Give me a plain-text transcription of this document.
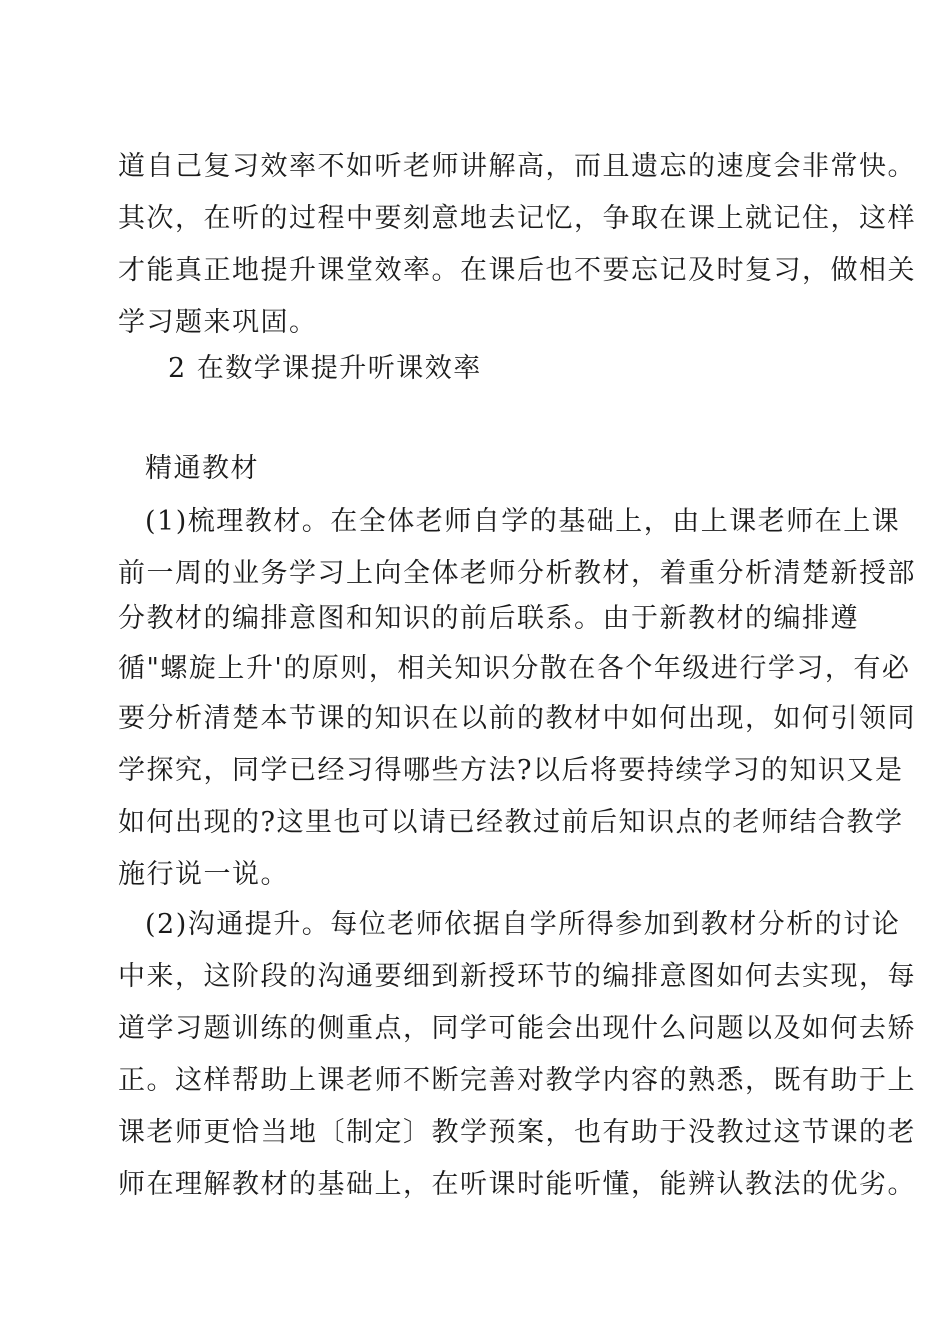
道自己复习效率不如听老师讲解高，而且遗忘的速度会非常快。
其次，在听的过程中要刻意地去记忆，争取在课上就记住，这样
才能真正地提升课堂效率。在课后也不要忘记及时复习，做相关
学习题来巩固。
2 在数学课提升听课效率
精通教材
(1)梳理教材。在全体老师自学的基础上，由上课老师在上课
前一周的业务学习上向全体老师分析教材，着重分析清楚新授部
分教材的编排意图和知识的前后联系。由于新教材的编排遵
循"螺旋上升'的原则，相关知识分散在各个年级进行学习，有必
要分析清楚本节课的知识在以前的教材中如何出现，如何引领同
学探究，同学已经习得哪些方法?以后将要持续学习的知识又是
如何出现的?这里也可以请已经教过前后知识点的老师结合教学
施行说一说。
(2)沟通提升。每位老师依据自学所得参加到教材分析的讨论
中来，这阶段的沟通要细到新授环节的编排意图如何去实现，每
道学习题训练的侧重点，同学可能会出现什么问题以及如何去矫
正。这样帮助上课老师不断完善对教学内容的熟悉，既有助于上
课老师更恰当地〔制定〕教学预案，也有助于没教过这节课的老
师在理解教材的基础上，在听课时能听懂，能辨认教法的优劣。
